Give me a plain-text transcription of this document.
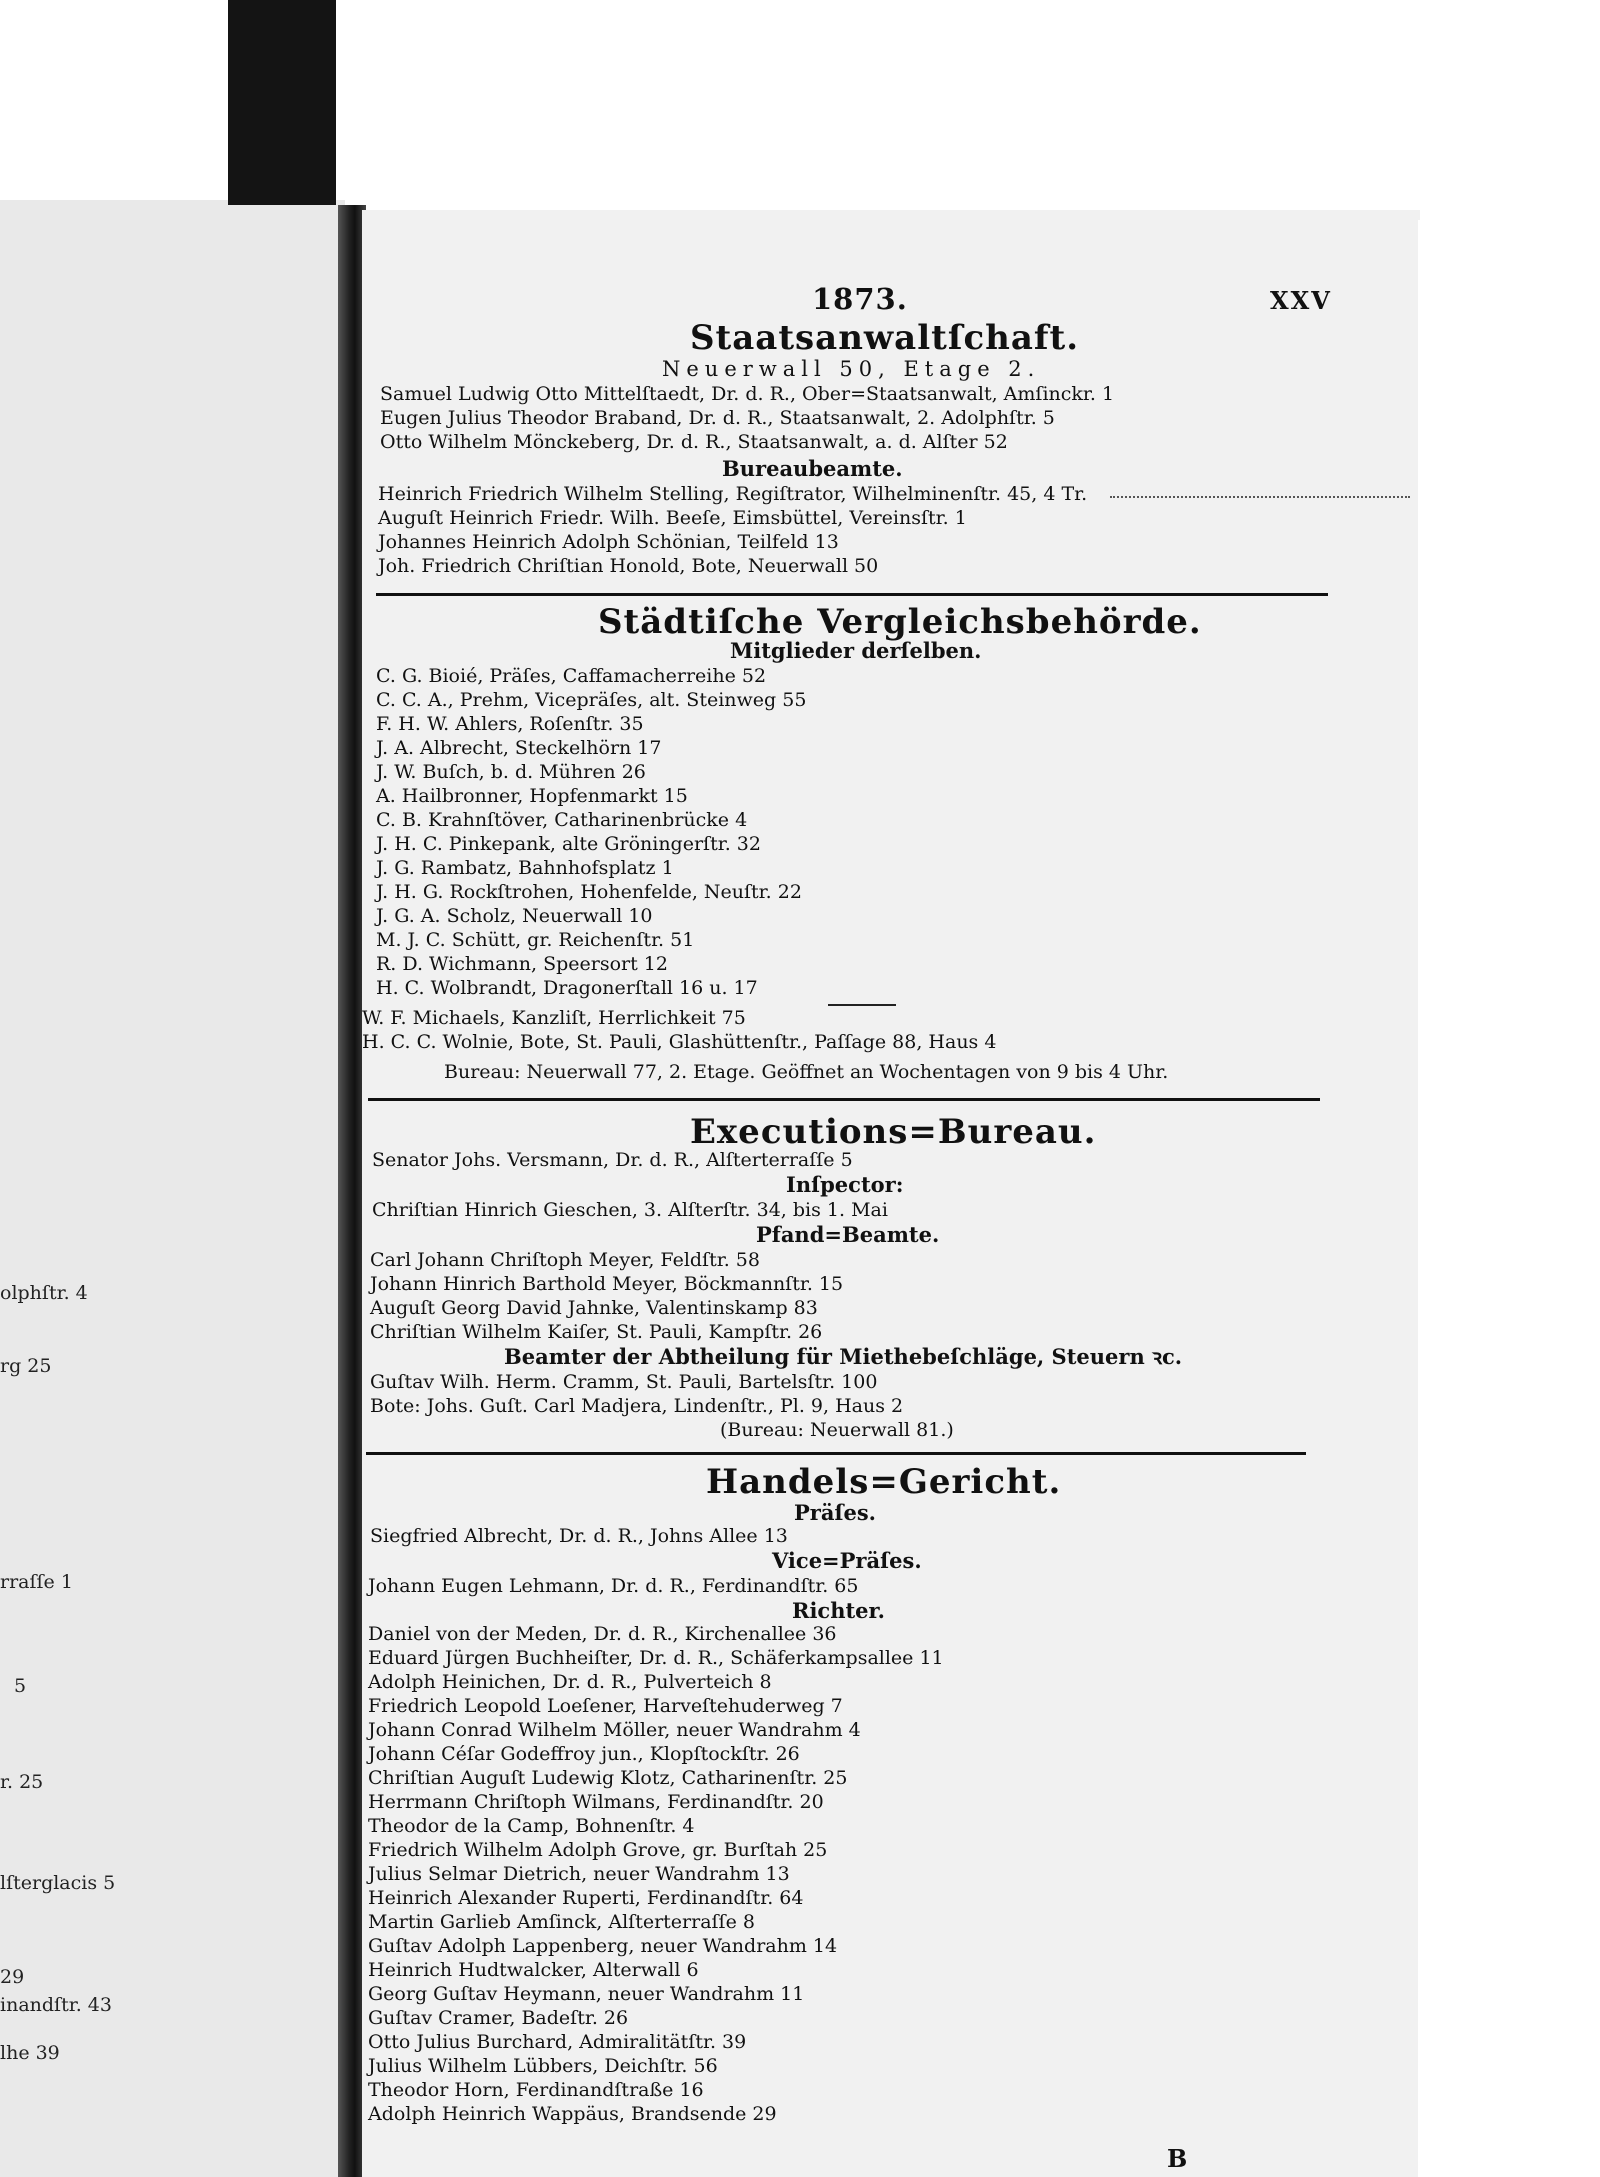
olphſtr. 4
rg 25
rraſſe 1
5
r. 25
lſterglacis 5
29
inandſtr. 43
lhe 39
1873.	XXV
Staatsanwaltſchaft.
Neuerwall 50, Etage 2.
Samuel Ludwig Otto Mittelſtaedt, Dr. d. R., Ober=Staatsanwalt, Amſinckr. 1
Eugen Julius Theodor Braband, Dr. d. R., Staatsanwalt, 2. Adolphſtr. 5
Otto Wilhelm Mönckeberg, Dr. d. R., Staatsanwalt, a. d. Alſter 52
Bureaubeamte.
Heinrich Friedrich Wilhelm Stelling, Regiſtrator, Wilhelminenſtr. 45, 4 Tr.
Auguſt Heinrich Friedr. Wilh. Beeſe, Eimsbüttel, Vereinsſtr. 1
Johannes Heinrich Adolph Schönian, Teilfeld 13
Joh. Friedrich Chriſtian Honold, Bote, Neuerwall 50
Städtiſche Vergleichsbehörde.
Mitglieder derſelben.
C. G. Bioié, Präſes, Caffamacherreihe 52
C. C. A., Prehm, Vicepräſes, alt. Steinweg 55
F. H. W. Ahlers, Roſenſtr. 35
J. A. Albrecht, Steckelhörn 17
J. W. Buſch, b. d. Mühren 26
A. Hailbronner, Hopfenmarkt 15
C. B. Krahnſtöver, Catharinenbrücke 4
J. H. C. Pinkepank, alte Gröningerſtr. 32
J. G. Rambatz, Bahnhofsplatz 1
J. H. G. Rockſtrohen, Hohenfelde, Neuſtr. 22
J. G. A. Scholz, Neuerwall 10
M. J. C. Schütt, gr. Reichenſtr. 51
R. D. Wichmann, Speersort 12
H. C. Wolbrandt, Dragonerſtall 16 u. 17
W. F. Michaels, Kanzliſt, Herrlichkeit 75
H. C. C. Wolnie, Bote, St. Pauli, Glashüttenſtr., Paſſage 88, Haus 4
Bureau: Neuerwall 77, 2. Etage. Geöffnet an Wochentagen von 9 bis 4 Uhr.
Executions=Bureau.
Senator Johs. Versmann, Dr. d. R., Alſterterraſſe 5
Inſpector:
Chriſtian Hinrich Gieschen, 3. Alſterſtr. 34, bis 1. Mai
Pfand=Beamte.
Carl Johann Chriſtoph Meyer, Feldſtr. 58
Johann Hinrich Barthold Meyer, Böckmannſtr. 15
Auguſt Georg David Jahnke, Valentinskamp 83
Chriſtian Wilhelm Kaiſer, St. Pauli, Kampſtr. 26
Beamter der Abtheilung für Miethebeſchläge, Steuern ꝛc.
Guſtav Wilh. Herm. Cramm, St. Pauli, Bartelsſtr. 100
Bote: Johs. Guſt. Carl Madjera, Lindenſtr., Pl. 9, Haus 2
(Bureau: Neuerwall 81.)
Handels=Gericht.
Präſes.
Siegfried Albrecht, Dr. d. R., Johns Allee 13
Vice=Präſes.
Johann Eugen Lehmann, Dr. d. R., Ferdinandſtr. 65
Richter.
Daniel von der Meden, Dr. d. R., Kirchenallee 36
Eduard Jürgen Buchheiſter, Dr. d. R., Schäferkampsallee 11
Adolph Heinichen, Dr. d. R., Pulverteich 8
Friedrich Leopold Loeſener, Harveſtehuderweg 7
Johann Conrad Wilhelm Möller, neuer Wandrahm 4
Johann Céſar Godeffroy jun., Klopſtockſtr. 26
Chriſtian Auguſt Ludewig Klotz, Catharinenſtr. 25
Herrmann Chriſtoph Wilmans, Ferdinandſtr. 20
Theodor de la Camp, Bohnenſtr. 4
Friedrich Wilhelm Adolph Grove, gr. Burſtah 25
Julius Selmar Dietrich, neuer Wandrahm 13
Heinrich Alexander Ruperti, Ferdinandſtr. 64
Martin Garlieb Amſinck, Alſterterraſſe 8
Guſtav Adolph Lappenberg, neuer Wandrahm 14
Heinrich Hudtwalcker, Alterwall 6
Georg Guſtav Heymann, neuer Wandrahm 11
Guſtav Cramer, Badeſtr. 26
Otto Julius Burchard, Admiralitätſtr. 39
Julius Wilhelm Lübbers, Deichſtr. 56
Theodor Horn, Ferdinandſtraße 16
Adolph Heinrich Wappäus, Brandsende 29
B
